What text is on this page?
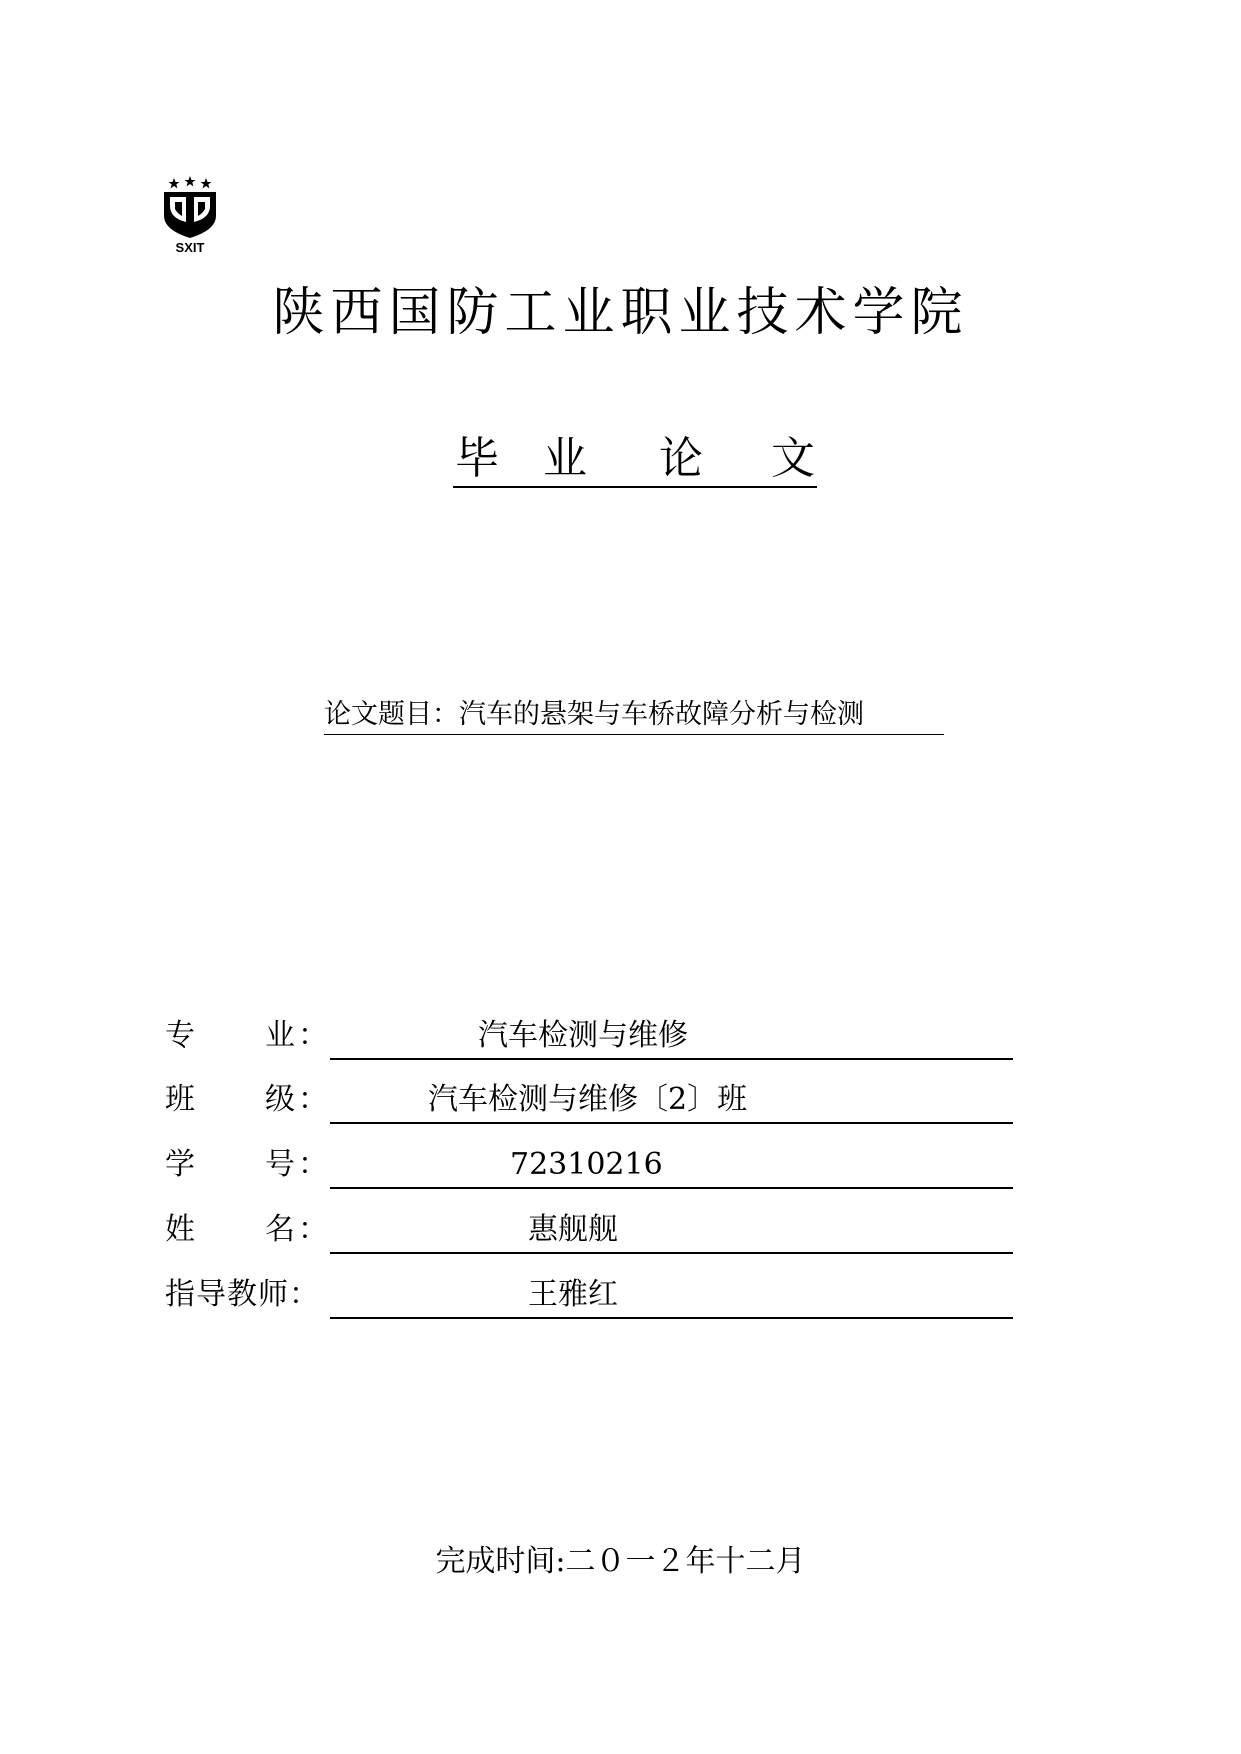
SXIT
陕西国防工业职业技术学院
毕 业 论 文
论文题目：汽车的悬架与车桥故障分析与检测
专 业 ：	汽车检测与维修
班 级 ：	汽车检测与维修〔2〕班
学 号 ：	72310216
姓 名 ：	惠舰舰
指导教师：	王雅红
完成时间:二０一２年十二月
